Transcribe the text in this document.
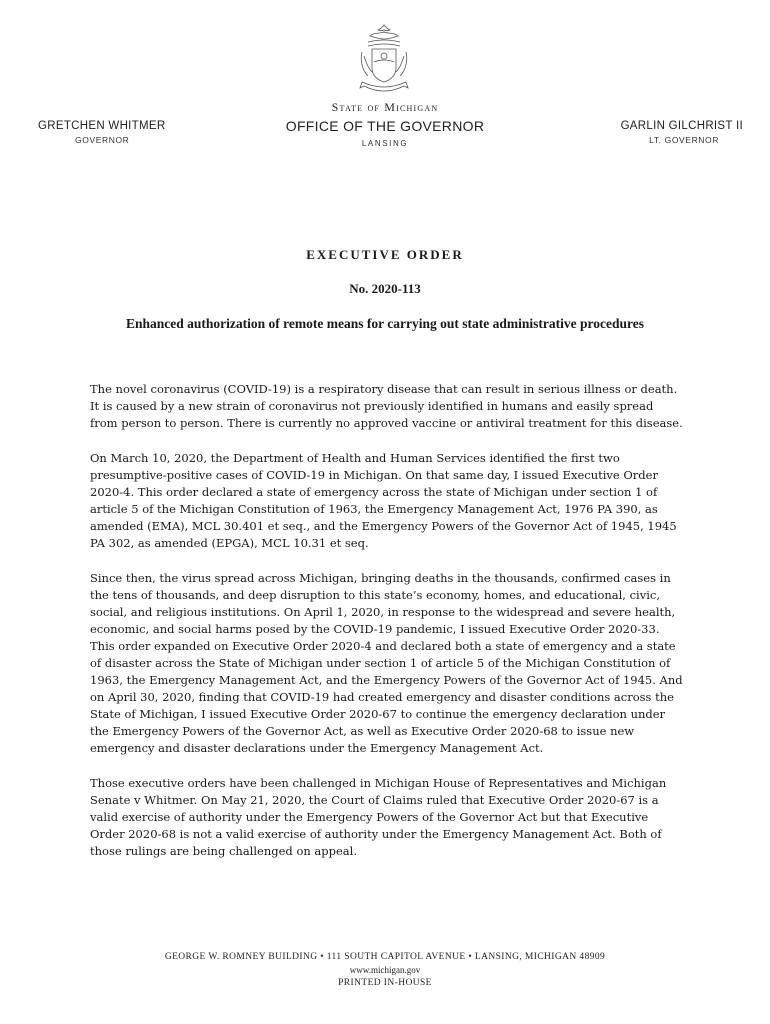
GRETCHEN WHITMER
GOVERNOR
State of Michigan
OFFICE OF THE GOVERNOR
LANSING
GARLIN GILCHRIST II
LT. GOVERNOR
EXECUTIVE ORDER
No. 2020-113
Enhanced authorization of remote means for carrying out state administrative procedures

The novel coronavirus (COVID-19) is a respiratory disease that can result in serious illness or death. It is caused by a new strain of coronavirus not previously identified in humans and easily spread from person to person. There is currently no approved vaccine or antiviral treatment for this disease.

On March 10, 2020, the Department of Health and Human Services identified the first two presumptive-positive cases of COVID-19 in Michigan. On that same day, I issued Executive Order 2020-4. This order declared a state of emergency across the state of Michigan under section 1 of article 5 of the Michigan Constitution of 1963, the Emergency Management Act, 1976 PA 390, as amended (EMA), MCL 30.401 et seq., and the Emergency Powers of the Governor Act of 1945, 1945 PA 302, as amended (EPGA), MCL 10.31 et seq.

Since then, the virus spread across Michigan, bringing deaths in the thousands, confirmed cases in the tens of thousands, and deep disruption to this state’s economy, homes, and educational, civic, social, and religious institutions. On April 1, 2020, in response to the widespread and severe health, economic, and social harms posed by the COVID-19 pandemic, I issued Executive Order 2020-33. This order expanded on Executive Order 2020-4 and declared both a state of emergency and a state of disaster across the State of Michigan under section 1 of article 5 of the Michigan Constitution of 1963, the Emergency Management Act, and the Emergency Powers of the Governor Act of 1945. And on April 30, 2020, finding that COVID-19 had created emergency and disaster conditions across the State of Michigan, I issued Executive Order 2020-67 to continue the emergency declaration under the Emergency Powers of the Governor Act, as well as Executive Order 2020-68 to issue new emergency and disaster declarations under the Emergency Management Act.

Those executive orders have been challenged in Michigan House of Representatives and Michigan Senate v Whitmer. On May 21, 2020, the Court of Claims ruled that Executive Order 2020-67 is a valid exercise of authority under the Emergency Powers of the Governor Act but that Executive Order 2020-68 is not a valid exercise of authority under the Emergency Management Act. Both of those rulings are being challenged on appeal.

GEORGE W. ROMNEY BUILDING • 111 SOUTH CAPITOL AVENUE • LANSING, MICHIGAN 48909
www.michigan.gov
PRINTED IN-HOUSE
